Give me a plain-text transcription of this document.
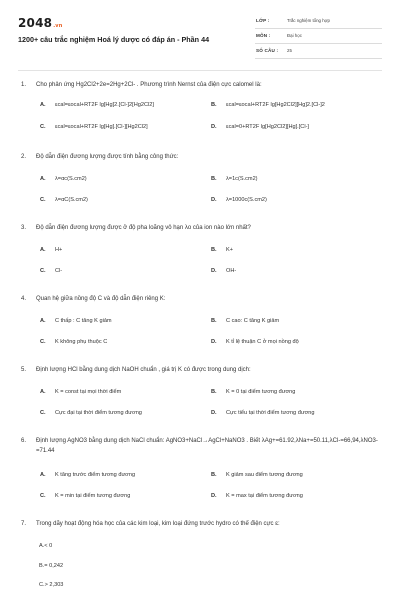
2048.vn
1200+ câu trắc nghiệm Hoá lý dược có đáp án - Phần 44
LỚP :	Trắc nghiệm tổng hợp
MÔN :	Đại học
SỐ CÂU : 25
1.	Cho phản ứng Hg2Cl2+2e=2Hg+2Cl- . Phương trình Nernst của điện cực calomel là:
A. ɛcal=ɛocal+RT2F lg[Hg]2.[Cl-]2[Hg2Cl2]	B. ɛcal=ɛocal+RT2F lg[Hg2Cl2][Hg]2.[Cl-]2
C. ɛcal=ɛocal+RT2F lg[Hg].[Cl-][Hg2Cl2]	D. ɛcal=0+RT2F lg[Hg2Cl2][Hg].[Cl-]
2.	Độ dẫn điện đương lượng được tính bằng công thức:
A. λ=αc(S.cm2)	B. λ=1c(S.cm2)
C. λ=αC(S.cm2)	D. λ=1000c(S.cm2)
3.	Độ dẫn điện đương lượng được ở độ pha loãng vô hạn λo của ion nào lớn nhất?
A. H+	B. K+
C. Cl-	D. OH-
4.	Quan hệ giữa nồng độ C và độ dẫn điện riêng K:
A. C thấp : C tăng K giảm	B. C cao: C tăng K giảm
C. K không phụ thuộc C	D. K tỉ lệ thuận C ở mọi nồng độ
5.	Định lượng HCl bằng dung dịch NaOH chuẩn , giá trị K có được trong dung dịch:
A. K = const tại mọi thời điểm	B. K = 0 tại điểm tương đương
C. Cực đại tại thời điểm tương đương	D. Cực tiểu tại thời điểm tương đương
6.	Định lượng AgNO3 bằng dung dịch NaCl chuẩn: AgNO3+NaCl→AgCl+NaNO3 . Biết λAg+=61.92,λNa+=50.11,λCl-=66,94,λNO3-=71.44
A. K tăng trước điểm tương đương	B. K giảm sau điểm tương đương
C. K = min tại điểm tương đương	D. K = max tại điểm tương đương
7.	Trong dãy hoạt động hóa học của các kim loại, kim loại đứng trước hydro có thế điện cực ɛ:
A.< 0
B.= 0,242
C.> 2,303
